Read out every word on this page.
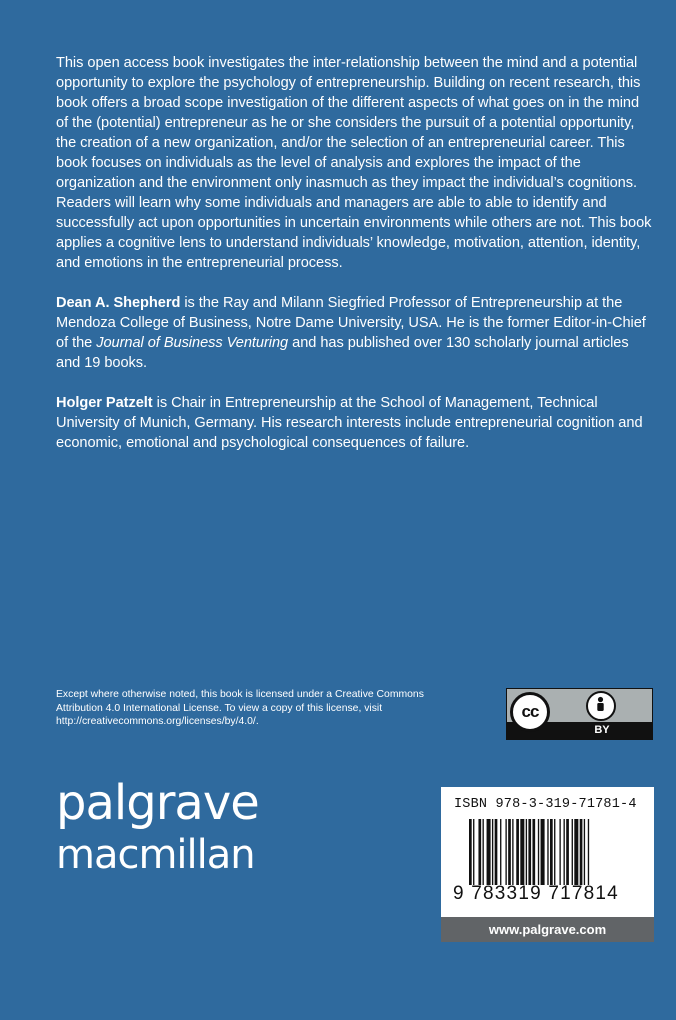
This open access book investigates the inter-relationship between the mind and a potential opportunity to explore the psychology of entrepreneurship. Building on recent research, this book offers a broad scope investigation of the different aspects of what goes on in the mind of the (potential) entrepreneur as he or she considers the pursuit of a potential opportunity, the creation of a new organization, and/or the selection of an entrepreneurial career. This book focuses on individuals as the level of analysis and explores the impact of the organization and the environment only inasmuch as they impact the individual’s cognitions. Readers will learn why some individuals and managers are able to able to identify and successfully act upon opportunities in uncertain environments while others are not. This book applies a cognitive lens to understand individuals’ knowledge, motivation, attention, identity, and emotions in the entrepreneurial process.

Dean A. Shepherd is the Ray and Milann Siegfried Professor of Entrepreneurship at the Mendoza College of Business, Notre Dame University, USA. He is the former Editor-in-Chief of the Journal of Business Venturing and has published over 130 scholarly journal articles and 19 books.

Holger Patzelt is Chair in Entrepreneurship at the School of Management, Technical University of Munich, Germany. His research interests include entrepreneurial cognition and economic, emotional and psychological consequences of failure.

Except where otherwise noted, this book is licensed under a Creative Commons Attribution 4.0 International License. To view a copy of this license, visit http://creativecommons.org/licenses/by/4.0/.
cc
BY
palgrave
macmillan
ISBN 978-3-319-71781-4
9 783319 717814
www.palgrave.com
